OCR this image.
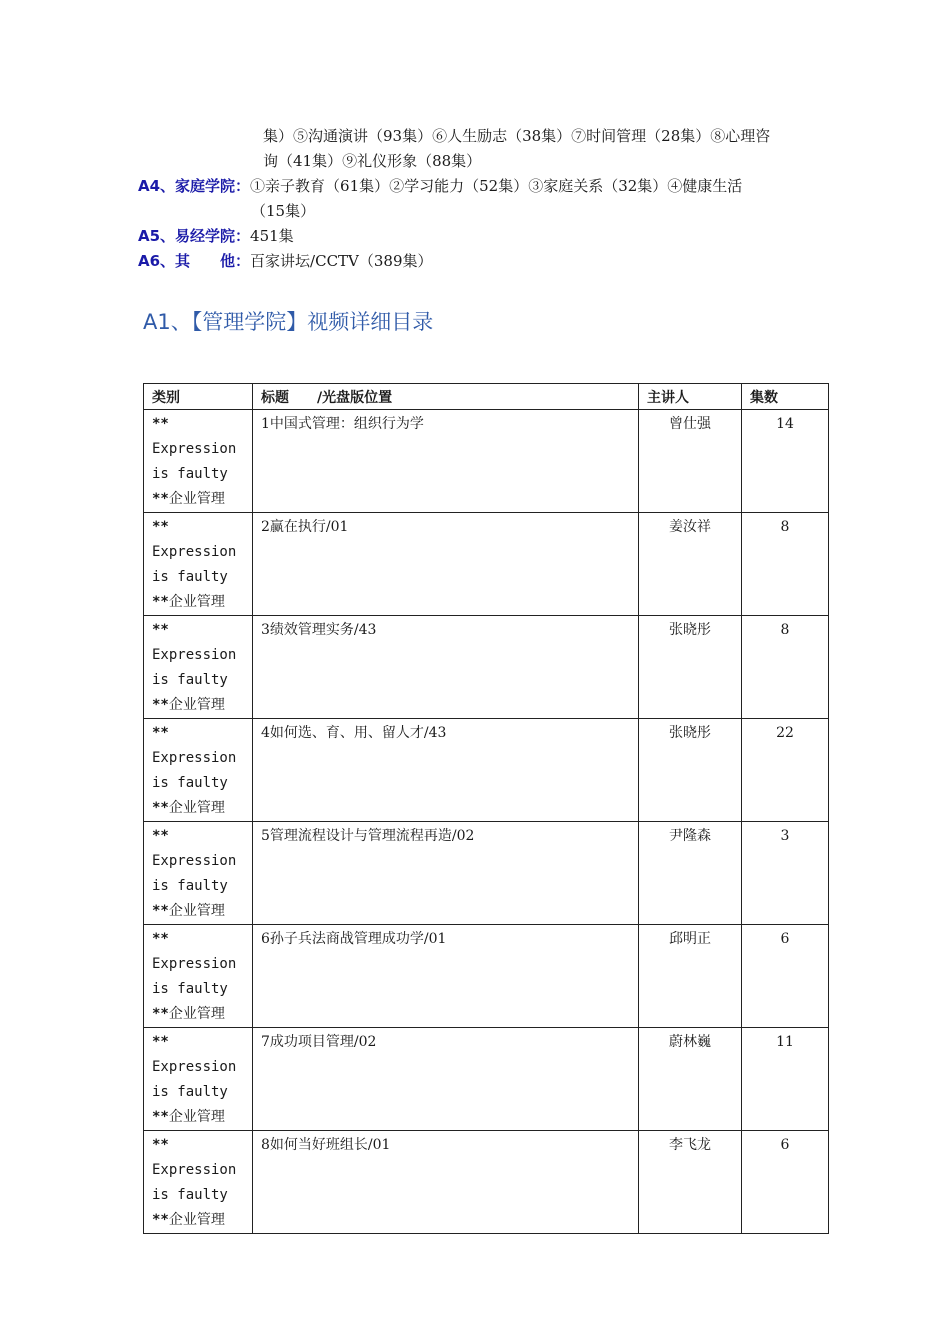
集）⑤沟通演讲（93集）⑥人生励志（38集）⑦时间管理（28集）⑧心理咨
询（41集）⑨礼仪形象（88集）
A4、家庭学院： ①亲子教育（61集）②学习能力（52集）③家庭关系（32集）④健康生活
（15集）
A5、易经学院： 451集
A6、其　　他： 百家讲坛/CCTV（389集）
A1、【管理学院】视频详细目录
类别	标题　　/光盘版位置	主讲人	集数

**
Expression
is faulty
**企业管理	1中国式管理：组织行为学	曾仕强	14

**
Expression
is faulty
**企业管理	2赢在执行/01	姜汝祥	8

**
Expression
is faulty
**企业管理	3绩效管理实务/43	张晓彤	8

**
Expression
is faulty
**企业管理	4如何选、育、用、留人才/43	张晓彤	22

**
Expression
is faulty
**企业管理	5管理流程设计与管理流程再造/02	尹隆森	3

**
Expression
is faulty
**企业管理	6孙子兵法商战管理成功学/01	邱明正	6

**
Expression
is faulty
**企业管理	7成功项目管理/02	蔚林巍	11

**
Expression
is faulty
**企业管理	8如何当好班组长/01	李飞龙	6
